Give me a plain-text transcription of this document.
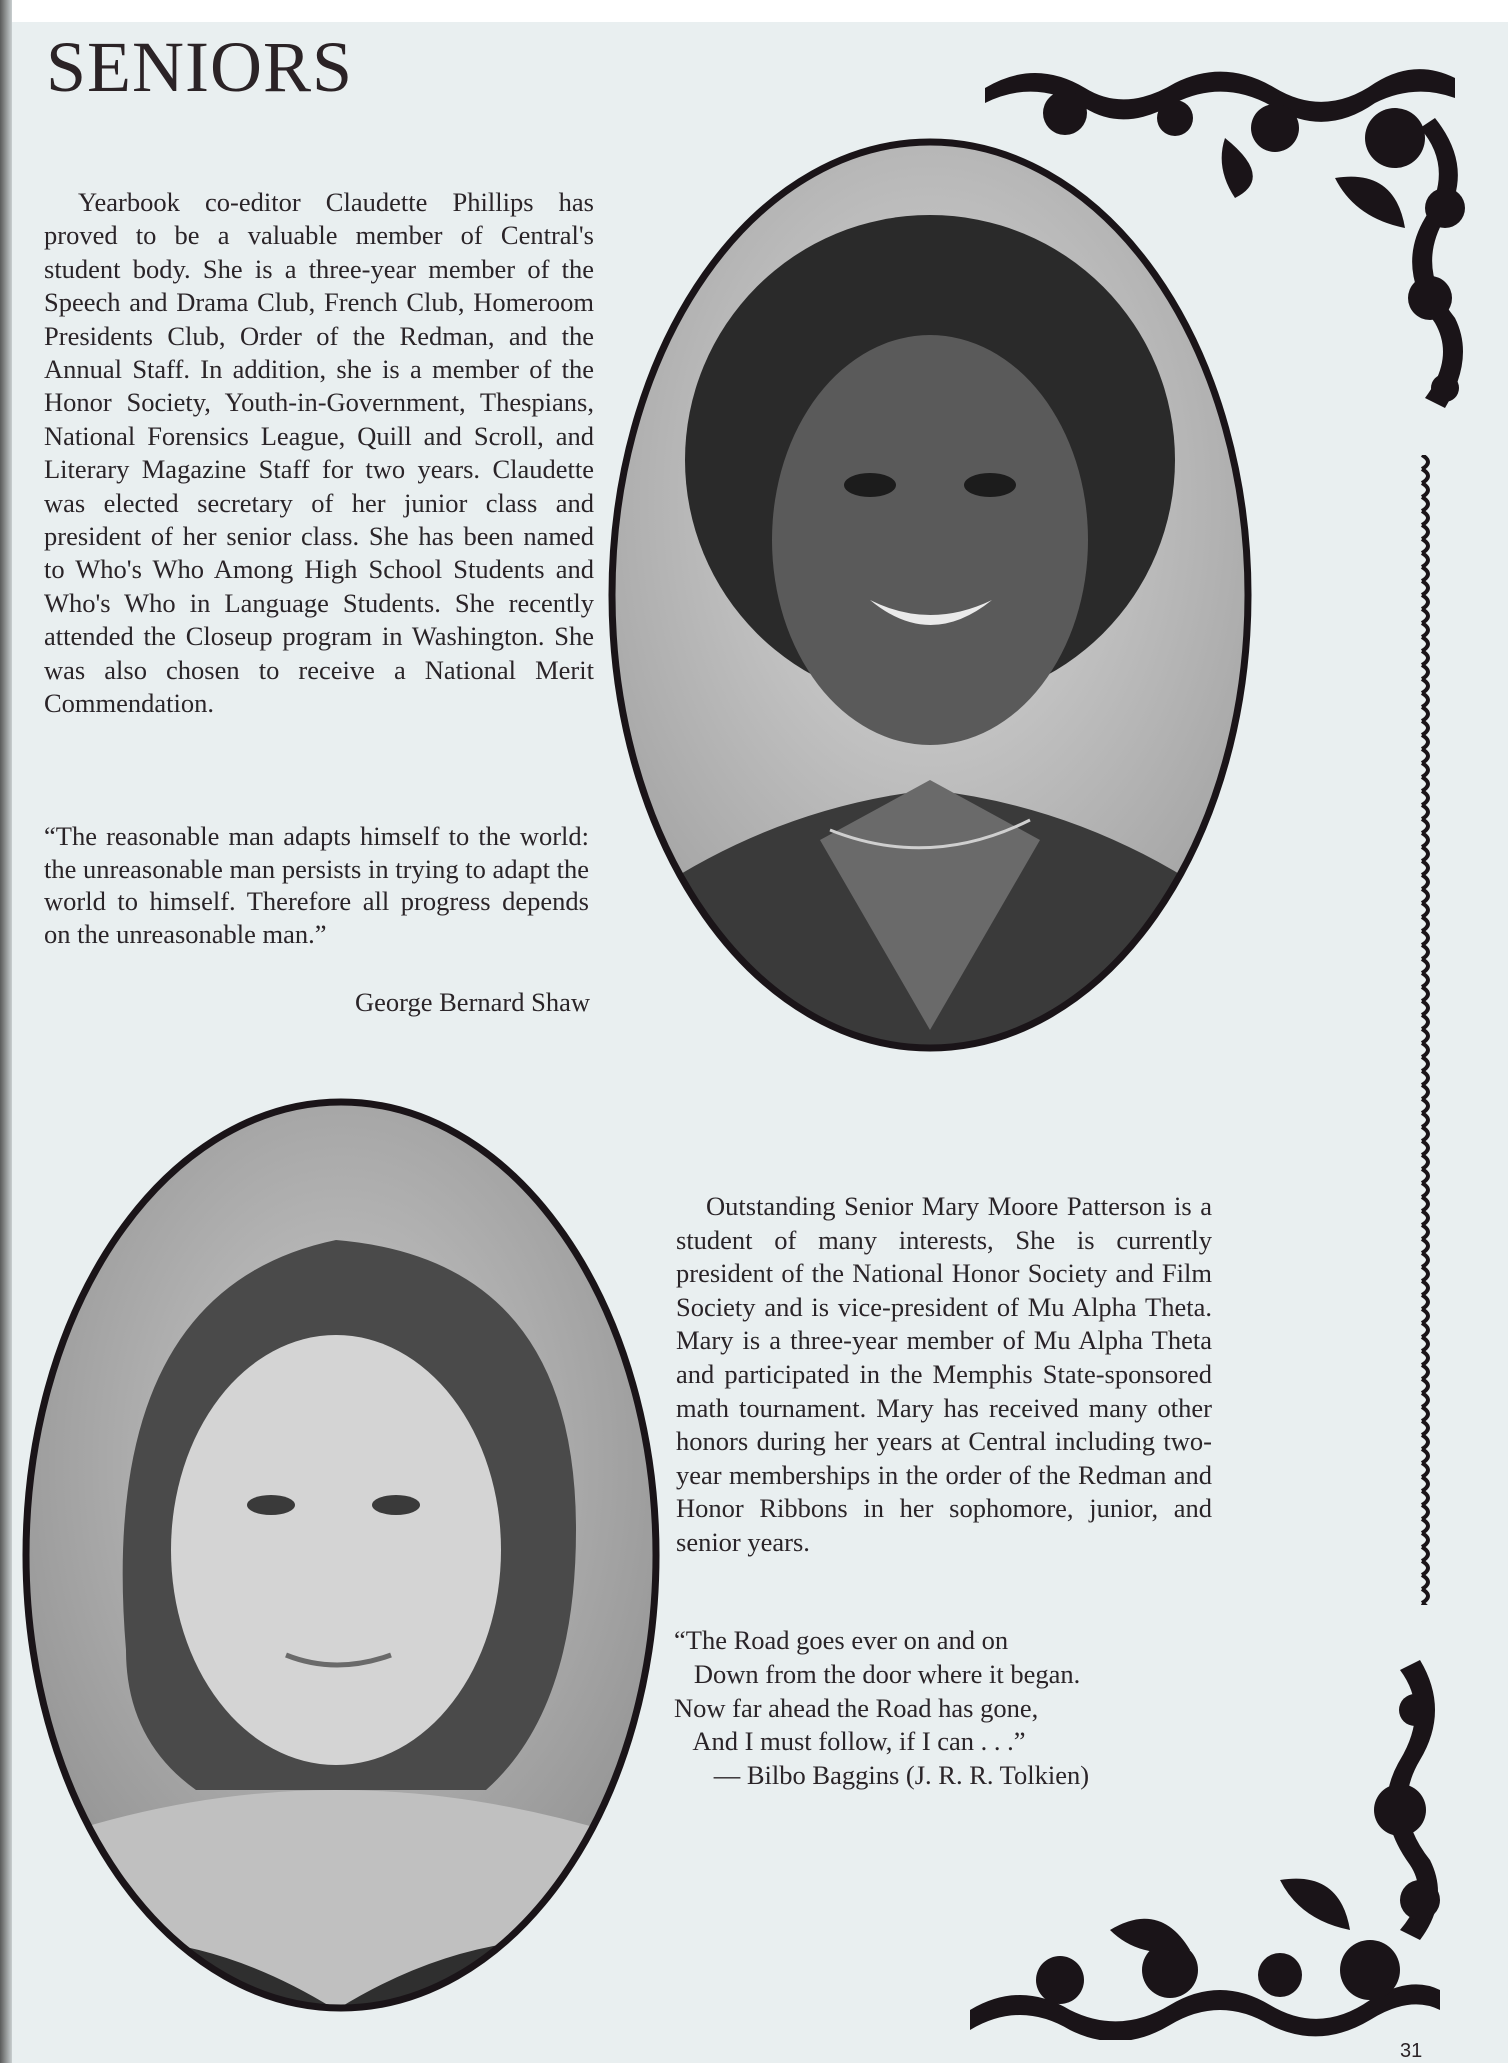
SENIORS

Yearbook co-editor Claudette Phillips has proved to be a valuable member of Central's student body. She is a three-year member of the Speech and Drama Club, French Club, Homeroom Presidents Club, Order of the Redman, and the Annual Staff. In addition, she is a member of the Honor Society, Youth-in-Government, Thespians, National Forensics League, Quill and Scroll, and Literary Magazine Staff for two years. Claudette was elected secretary of her junior class and president of her senior class. She has been named to Who's Who Among High School Students and Who's Who in Language Students. She recently attended the Closeup program in Washington. She was also chosen to receive a National Merit Commendation.

“The reasonable man adapts himself to the world: the unreasonable man persists in trying to adapt the world to himself. Therefore all progress depends on the unreasonable man.”

George Bernard Shaw

Outstanding Senior Mary Moore Patterson is a student of many interests, She is currently president of the National Honor Society and Film Society and is vice-president of Mu Alpha Theta. Mary is a three-year member of Mu Alpha Theta and participated in the Memphis State-sponsored math tournament. Mary has received many other honors during her years at Central including two-year memberships in the order of the Redman and Honor Ribbons in her sophomore, junior, and senior years.

“The Road goes ever on and on
Down from the door where it began.
Now far ahead the Road has gone,
And I must follow, if I can . . .”
— Bilbo Baggins (J. R. R. Tolkien)

31
